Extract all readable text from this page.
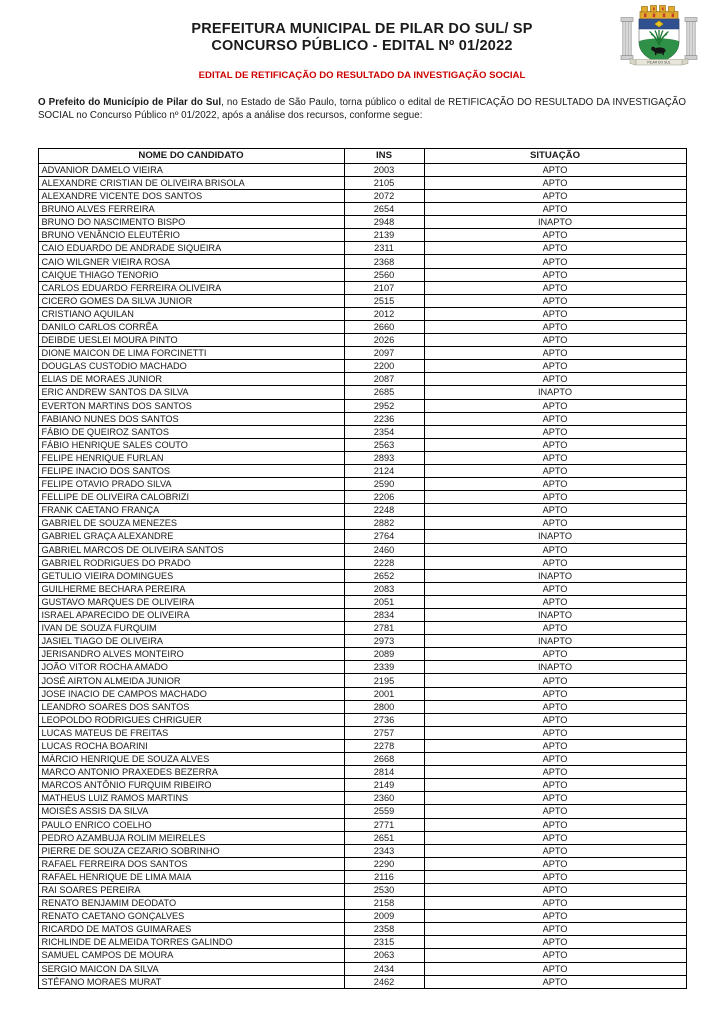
PILAR DO SUL
PREFEITURA MUNICIPAL DE PILAR DO SUL/ SP
CONCURSO PÚBLICO - EDITAL Nº 01/2022
EDITAL DE RETIFICAÇÃO DO RESULTADO DA INVESTIGAÇÃO SOCIAL

O Prefeito do Município de Pilar do Sul, no Estado de São Paulo, torna público o edital de RETIFICAÇÃO DO RESULTADO DA INVESTIGAÇÃO SOCIAL no Concurso Público nº 01/2022, após a análise dos recursos, conforme segue:

NOME DO CANDIDATO	INS	SITUAÇÃO
ADVANIOR DAMELO VIEIRA	2003	APTO
ALEXANDRE CRISTIAN DE OLIVEIRA BRISOLA	2105	APTO
ALEXANDRE VICENTE DOS SANTOS	2072	APTO
BRUNO ALVES FERREIRA	2654	APTO
BRUNO DO NASCIMENTO BISPO	2948	INAPTO
BRUNO VENÂNCIO ELEUTÉRIO	2139	APTO
CAIO EDUARDO DE ANDRADE SIQUEIRA	2311	APTO
CAIO WILGNER VIEIRA ROSA	2368	APTO
CAIQUE THIAGO TENORIO	2560	APTO
CARLOS EDUARDO FERREIRA OLIVEIRA	2107	APTO
CICERO GOMES DA SILVA JUNIOR	2515	APTO
CRISTIANO AQUILAN	2012	APTO
DANILO CARLOS CORRÊA	2660	APTO
DEIBDE UESLEI MOURA PINTO	2026	APTO
DIONE MAICON DE LIMA FORCINETTI	2097	APTO
DOUGLAS CUSTODIO MACHADO	2200	APTO
ELIAS DE MORAES JUNIOR	2087	APTO
ERIC ANDREW SANTOS DA SILVA	2685	INAPTO
EVERTON MARTINS DOS SANTOS	2952	APTO
FABIANO NUNES DOS SANTOS	2236	APTO
FÁBIO DE QUEIROZ SANTOS	2354	APTO
FÁBIO HENRIQUE SALES COUTO	2563	APTO
FELIPE HENRIQUE FURLAN	2893	APTO
FELIPE INACIO DOS SANTOS	2124	APTO
FELIPE OTAVIO PRADO SILVA	2590	APTO
FELLIPE DE OLIVEIRA CALOBRIZI	2206	APTO
FRANK CAETANO FRANÇA	2248	APTO
GABRIEL DE SOUZA MENEZES	2882	APTO
GABRIEL GRAÇA ALEXANDRE	2764	INAPTO
GABRIEL MARCOS DE OLIVEIRA SANTOS	2460	APTO
GABRIEL RODRIGUES DO PRADO	2228	APTO
GETULIO VIEIRA DOMINGUES	2652	INAPTO
GUILHERME BECHARA PEREIRA	2083	APTO
GUSTAVO MARQUES DE OLIVEIRA	2051	APTO
ISRAEL APARECIDO DE OLIVEIRA	2834	INAPTO
IVAN DE SOUZA FURQUIM	2781	APTO
JASIEL TIAGO DE OLIVEIRA	2973	INAPTO
JERISANDRO ALVES MONTEIRO	2089	APTO
JOÃO VITOR ROCHA AMADO	2339	INAPTO
JOSÉ AIRTON ALMEIDA JUNIOR	2195	APTO
JOSE INACIO DE CAMPOS MACHADO	2001	APTO
LEANDRO SOARES DOS SANTOS	2800	APTO
LEOPOLDO RODRIGUES CHRIGUER	2736	APTO
LUCAS MATEUS DE FREITAS	2757	APTO
LUCAS ROCHA BOARINI	2278	APTO
MÁRCIO HENRIQUE DE SOUZA ALVES	2668	APTO
MARCO ANTONIO PRAXEDES BEZERRA	2814	APTO
MARCOS ANTÔNIO FURQUIM RIBEIRO	2149	APTO
MATHEUS LUIZ RAMOS MARTINS	2360	APTO
MOISÉS ASSIS DA SILVA	2559	APTO
PAULO ENRICO COELHO	2771	APTO
PEDRO AZAMBUJA ROLIM MEIRELES	2651	APTO
PIERRE DE SOUZA CEZARIO SOBRINHO	2343	APTO
RAFAEL FERREIRA DOS SANTOS	2290	APTO
RAFAEL HENRIQUE DE LIMA MAIA	2116	APTO
RAI SOARES PEREIRA	2530	APTO
RENATO BENJAMIM DEODATO	2158	APTO
RENATO CAETANO GONÇALVES	2009	APTO
RICARDO DE MATOS GUIMARAES	2358	APTO
RICHLINDE DE ALMEIDA TORRES GALINDO	2315	APTO
SAMUEL CAMPOS DE MOURA	2063	APTO
SERGIO MAICON DA SILVA	2434	APTO
STÉFANO MORAES MURAT	2462	APTO
